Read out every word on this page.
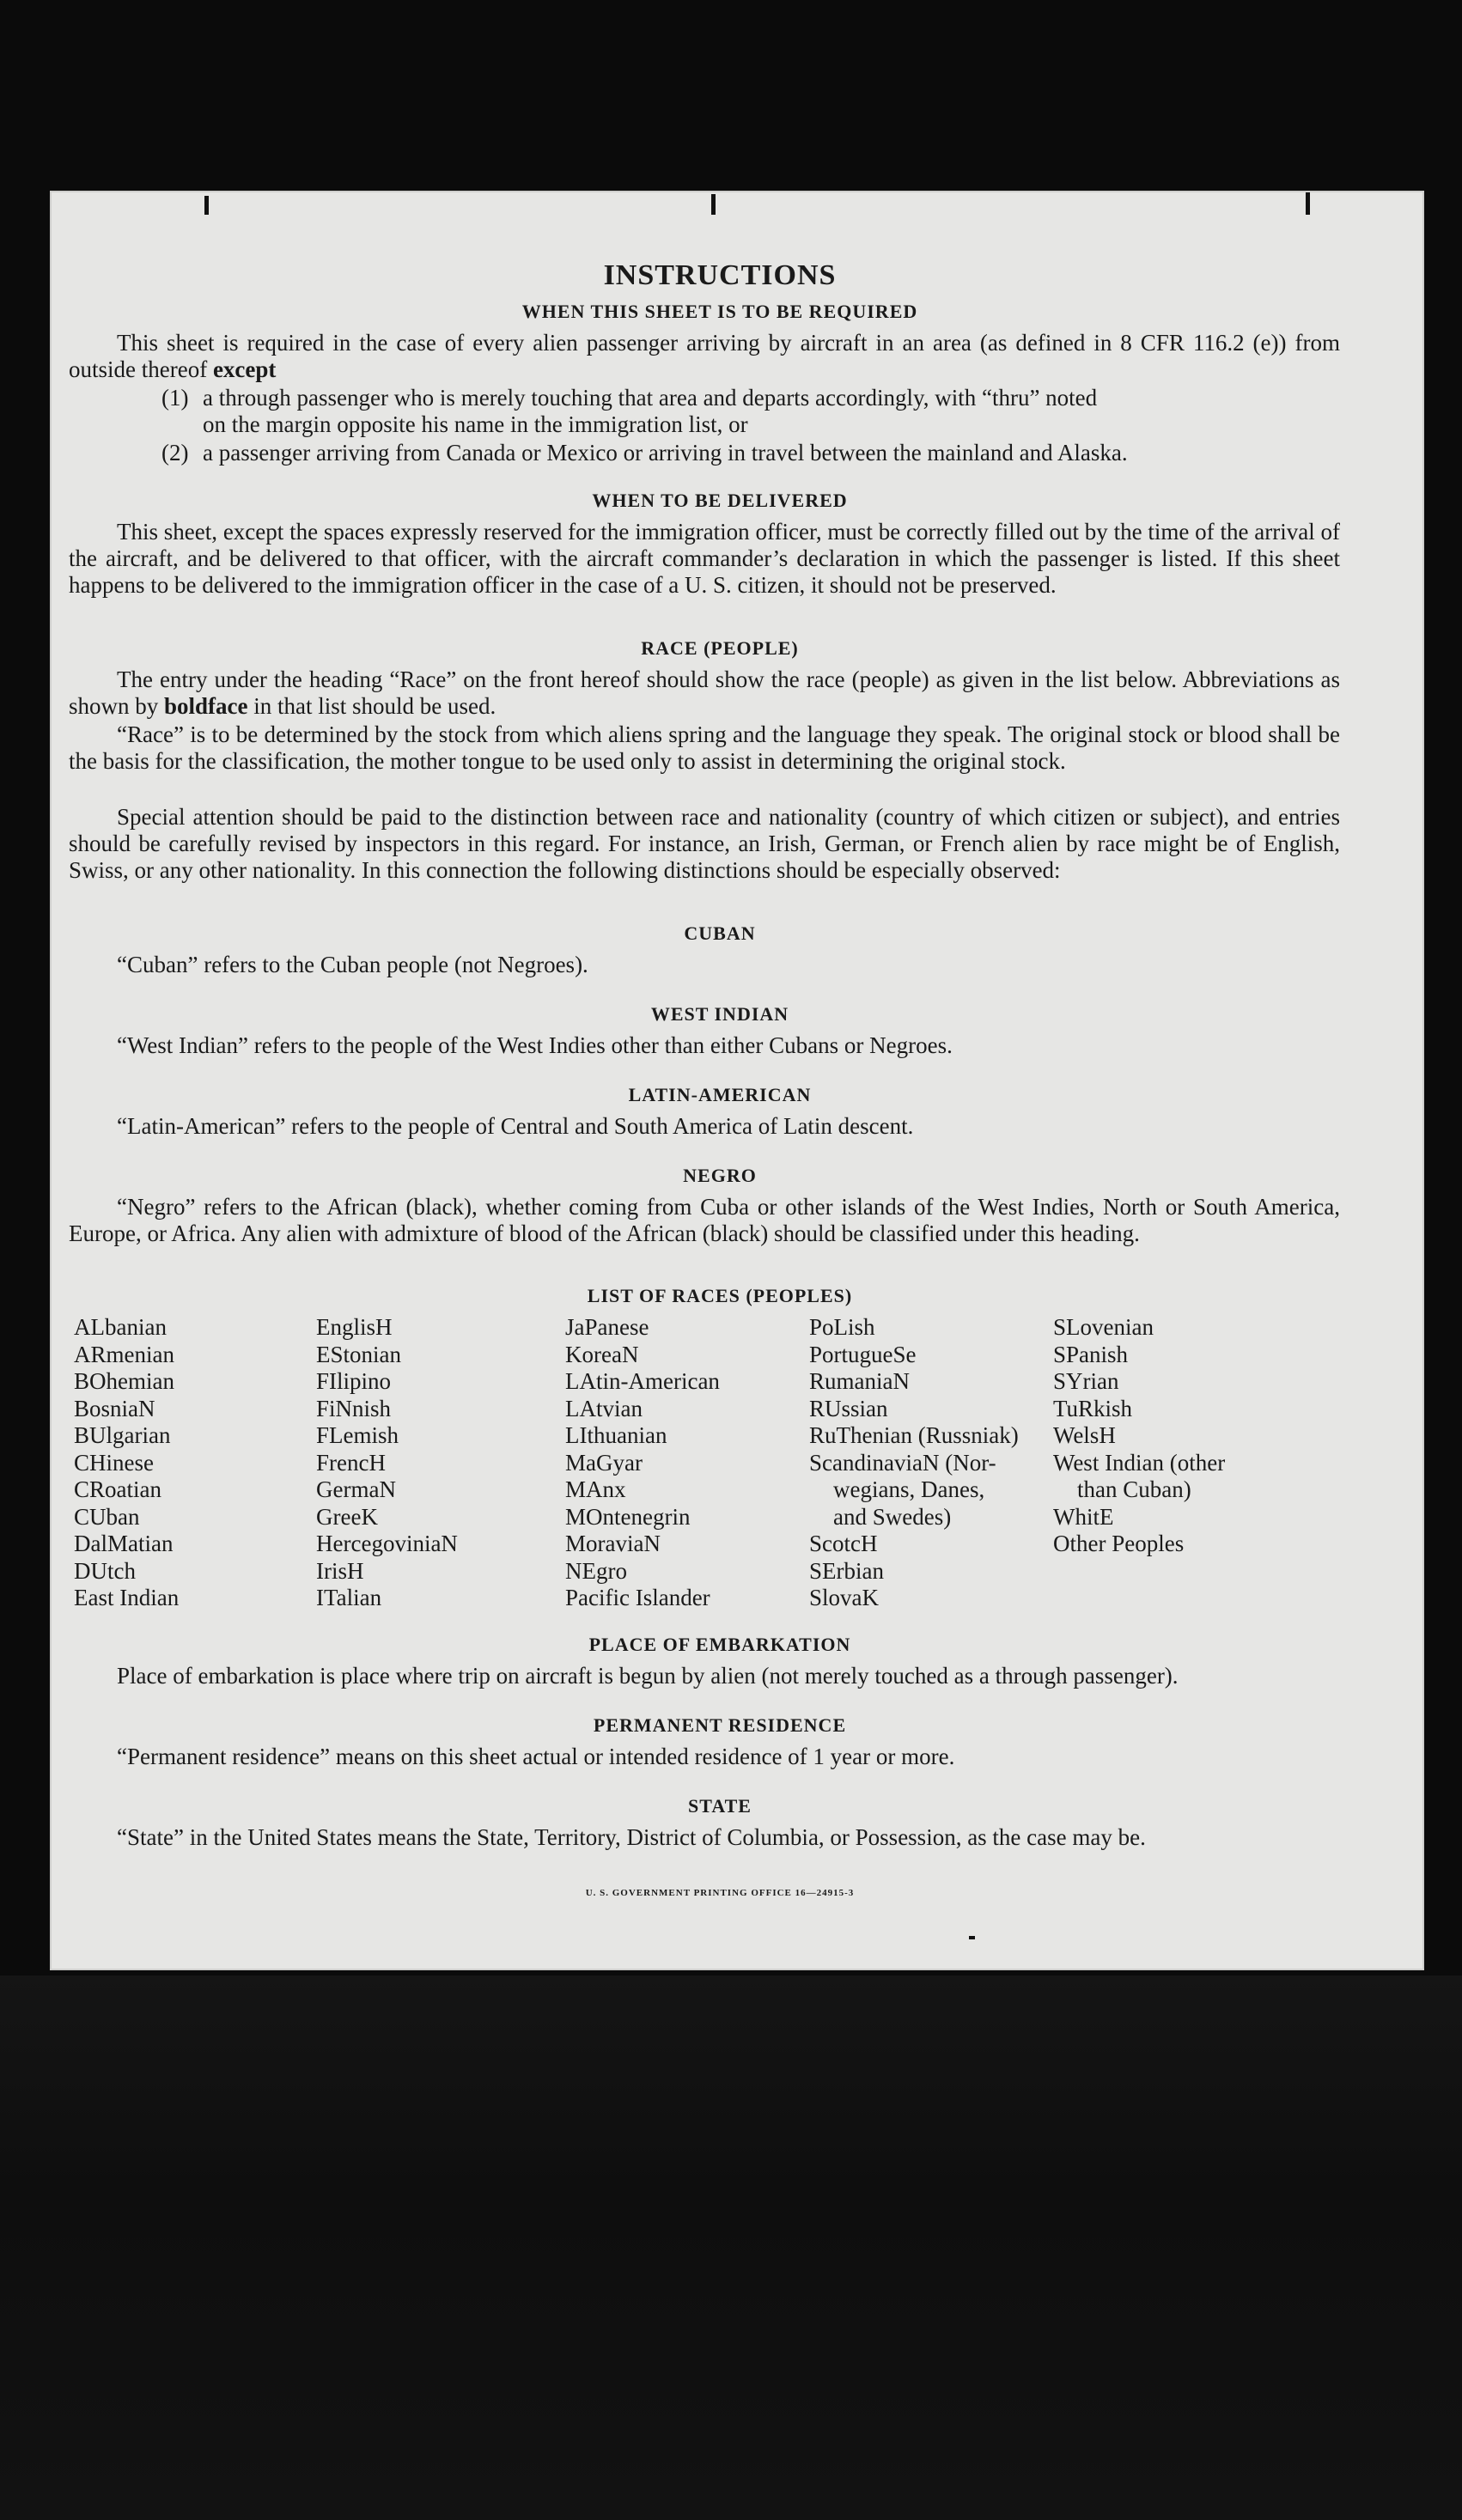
INSTRUCTIONS
WHEN THIS SHEET IS TO BE REQUIRED
This sheet is required in the case of every alien passenger arriving by aircraft in an area (as defined in 8 CFR 116.2 (e)) from outside thereof except
(1) a through passenger who is merely touching that area and departs accordingly, with “thru” noted
on the margin opposite his name in the immigration list, or
(2) a passenger arriving from Canada or Mexico or arriving in travel between the mainland and Alaska.
WHEN TO BE DELIVERED
This sheet, except the spaces expressly reserved for the immigration officer, must be correctly filled out by the time of the arrival of the aircraft, and be delivered to that officer, with the aircraft commander’s declaration in which the passenger is listed. If this sheet happens to be delivered to the immigration officer in the case of a U. S. citizen, it should not be preserved.
RACE (PEOPLE)
The entry under the heading “Race” on the front hereof should show the race (people) as given in the list below. Abbreviations as shown by boldface in that list should be used.
“Race” is to be determined by the stock from which aliens spring and the language they speak. The original stock or blood shall be the basis for the classification, the mother tongue to be used only to assist in determining the original stock.
Special attention should be paid to the distinction between race and nationality (country of which citizen or subject), and entries should be carefully revised by inspectors in this regard. For instance, an Irish, German, or French alien by race might be of English, Swiss, or any other nationality. In this connection the following distinctions should be especially observed:
CUBAN
“Cuban” refers to the Cuban people (not Negroes).
WEST INDIAN
“West Indian” refers to the people of the West Indies other than either Cubans or Negroes.
LATIN-AMERICAN
“Latin-American” refers to the people of Central and South America of Latin descent.
NEGRO
“Negro” refers to the African (black), whether coming from Cuba or other islands of the West Indies, North or South America, Europe, or Africa. Any alien with admixture of blood of the African (black) should be classified under this heading.
LIST OF RACES (PEOPLES)
ALbanian
ARmenian
BOhemian
BosniaN
BUlgarian
CHinese
CRoatian
CUban
DalMatian
DUtch
East Indian
EnglisH
EStonian
FIlipino
FiNnish
FLemish
FrencH
GermaN
GreeK
HercegoviniaN
IrisH
ITalian
JaPanese
KoreaN
LAtin-American
LAtvian
LIthuanian
MaGyar
MAnx
MOntenegrin
MoraviaN
NEgro
Pacific Islander
PoLish
PortugueSe
RumaniaN
RUssian
RuThenian (Russniak)
ScandinaviaN (Nor-
wegians, Danes,
and Swedes)
ScotcH
SErbian
SlovaK
SLovenian
SPanish
SYrian
TuRkish
WelsH
West Indian (other
than Cuban)
WhitE
Other Peoples
PLACE OF EMBARKATION
Place of embarkation is place where trip on aircraft is begun by alien (not merely touched as a through passenger).
PERMANENT RESIDENCE
“Permanent residence” means on this sheet actual or intended residence of 1 year or more.
STATE
“State” in the United States means the State, Territory, District of Columbia, or Possession, as the case may be.
U. S. GOVERNMENT PRINTING OFFICE 16—24915-3
